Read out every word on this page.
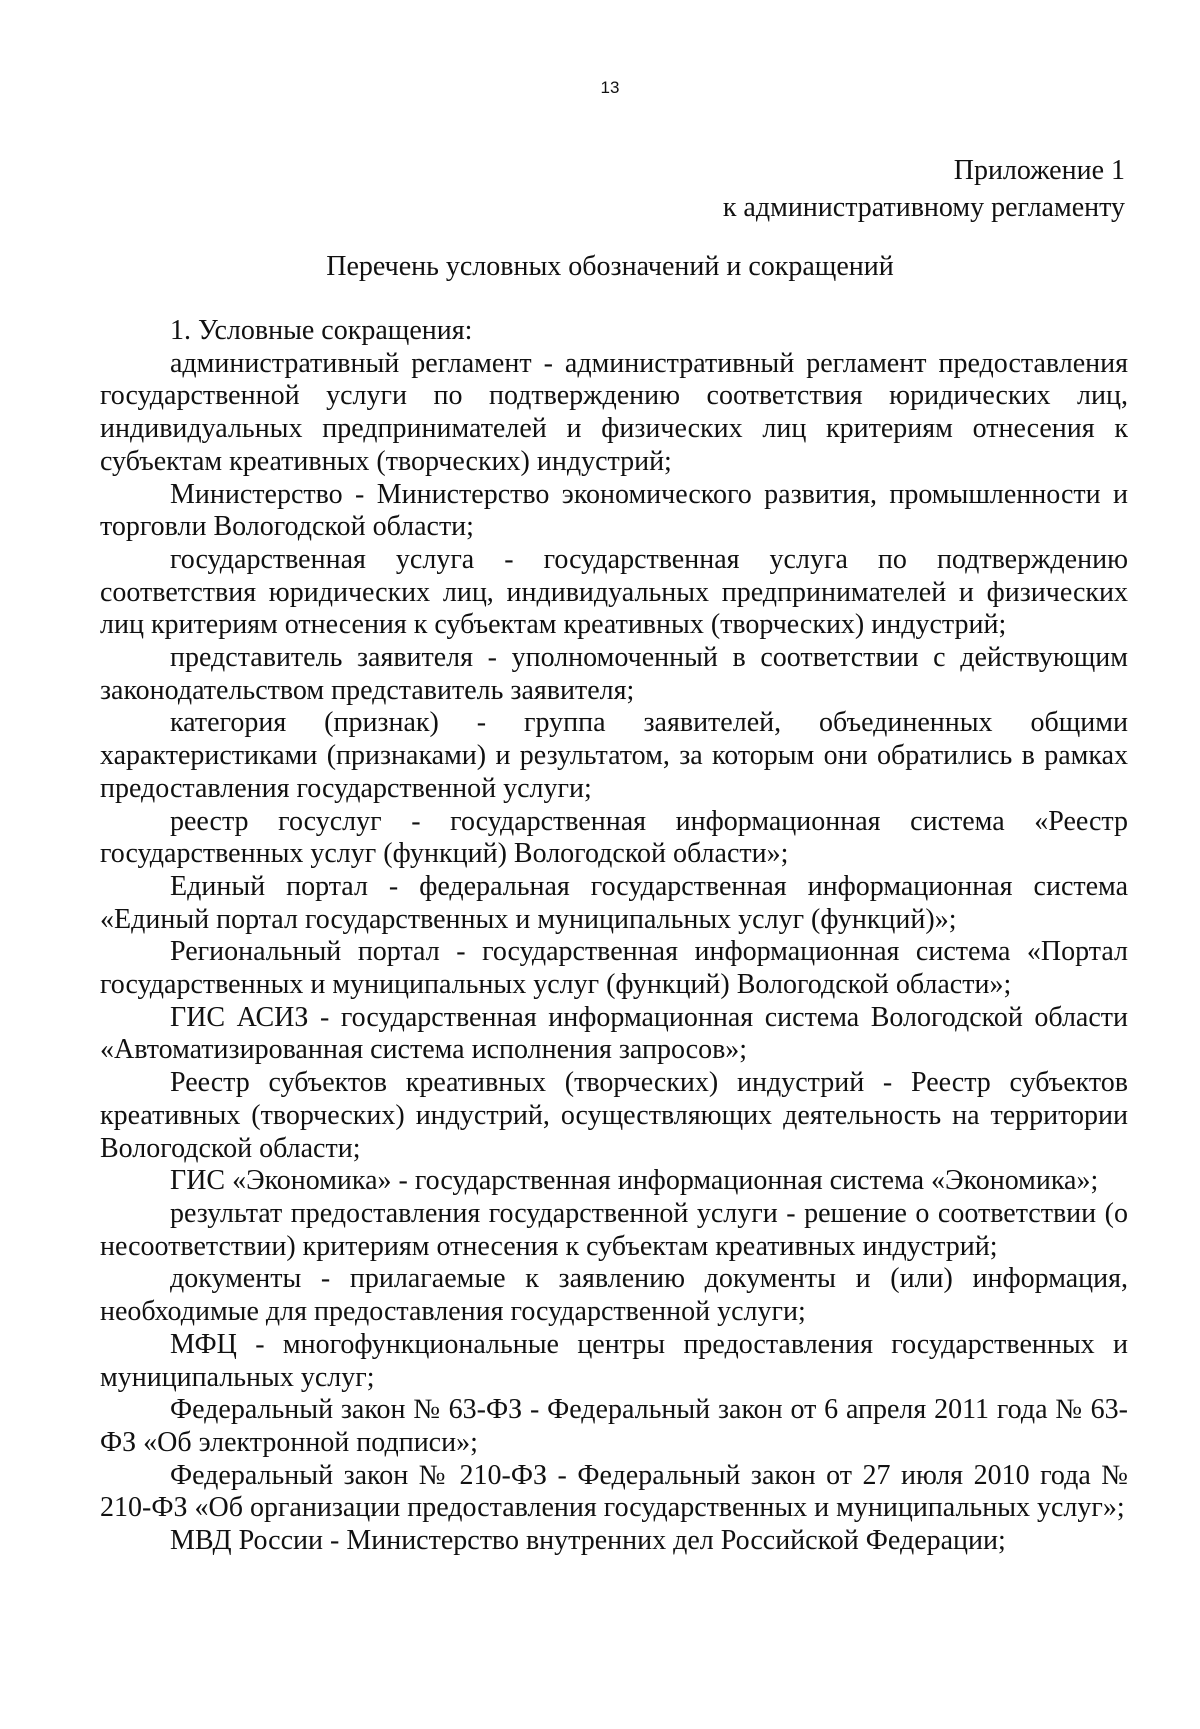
13
Приложение 1
к административному регламенту
Перечень условных обозначений и сокращений

1. Условные сокращения:

административный регламент - административный регламент предоставления государственной услуги по подтверждению соответствия юридических лиц, индивидуальных предпринимателей и физических лиц критериям отнесения к субъектам креативных (творческих) индустрий;

Министерство - Министерство экономического развития, промышленности и торговли Вологодской области;

государственная услуга - государственная услуга по подтверждению соответствия юридических лиц, индивидуальных предпринимателей и физических лиц критериям отнесения к субъектам креативных (творческих) индустрий;

представитель заявителя - уполномоченный в соответствии с действующим законодательством представитель заявителя;

категория (признак) - группа заявителей, объединенных общими характеристиками (признаками) и результатом, за которым они обратились в рамках предоставления государственной услуги;

реестр госуслуг - государственная информационная система «Реестр государственных услуг (функций) Вологодской области»;

Единый портал - федеральная государственная информационная система «Единый портал государственных и муниципальных услуг (функций)»;

Региональный портал - государственная информационная система «Портал государственных и муниципальных услуг (функций) Вологодской области»;

ГИС АСИЗ - государственная информационная система Вологодской области «Автоматизированная система исполнения запросов»;

Реестр субъектов креативных (творческих) индустрий - Реестр субъектов креативных (творческих) индустрий, осуществляющих деятельность на территории Вологодской области;

ГИС «Экономика» - государственная информационная система «Экономика»;

результат предоставления государственной услуги - решение о соответствии (о несоответствии) критериям отнесения к субъектам креативных индустрий;

документы - прилагаемые к заявлению документы и (или) информация, необходимые для предоставления государственной услуги;

МФЦ - многофункциональные центры предоставления государственных и муниципальных услуг;

Федеральный закон № 63-ФЗ - Федеральный закон от 6 апреля 2011 года № 63-ФЗ «Об электронной подписи»;

Федеральный закон № 210-ФЗ - Федеральный закон от 27 июля 2010 года № 210-ФЗ «Об организации предоставления государственных и муниципальных услуг»;

МВД России - Министерство внутренних дел Российской Федерации;
